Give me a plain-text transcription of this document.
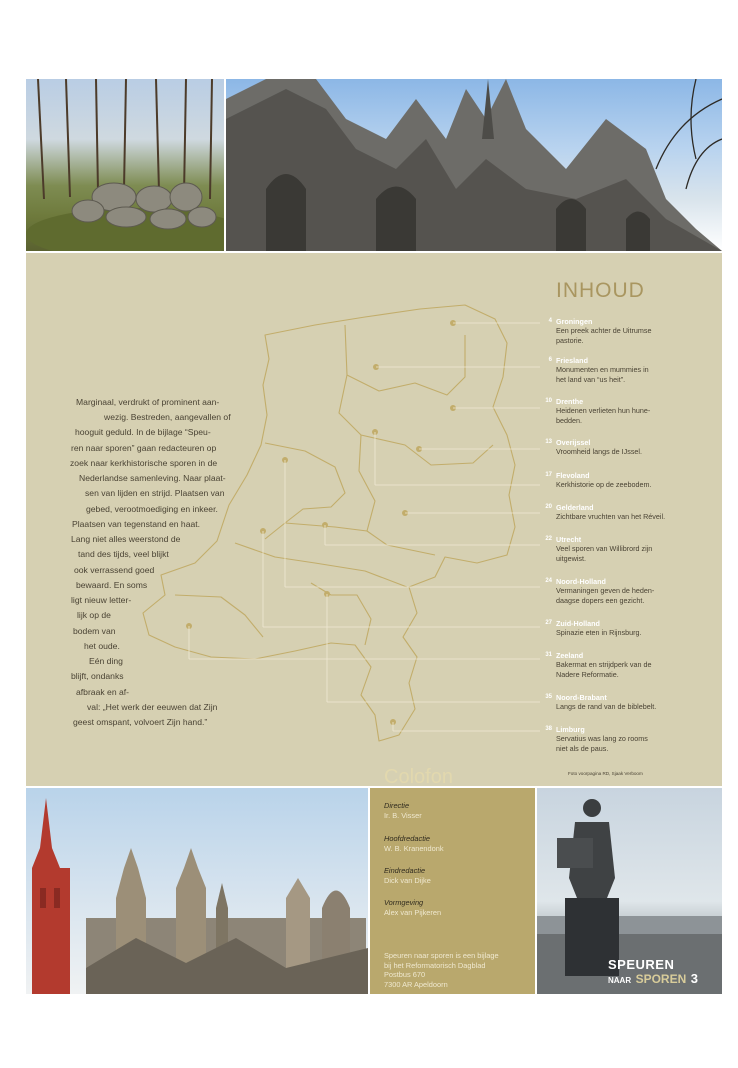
Marginaal, verdrukt of prominent aan-

wezig. Bestreden, aangevallen of

hooguit geduld. In de bijlage “Speu-

ren naar sporen” gaan redacteuren op

zoek naar kerkhistorische sporen in de

Nederlandse samenleving. Naar plaat-

sen van lijden en strijd. Plaatsen van

gebed, verootmoediging en inkeer.

Plaatsen van tegenstand en haat.

Lang niet alles weerstond de

tand des tijds, veel blijkt

ook verrassend goed

bewaard. En soms

ligt nieuw letter-

lijk op de

bodem van

het oude.

Eén ding

blijft, ondanks

afbraak en af-

val: „Het werk der eeuwen dat Zijn

geest omspant, volvoert Zijn hand.”

INHOUD
4 Groningen
Een preek achter de Uitrumse
pastorie.
6 Friesland
Monumenten en mummies in
het land van “us heit”.
10 Drenthe
Heidenen verlieten hun hune-
bedden.
13 Overijssel
Vroomheid langs de IJssel.
17 Flevoland
Kerkhistorie op de zeebodem.
20 Gelderland
Zichtbare vruchten van het Réveil.
22 Utrecht
Veel sporen van Willibrord zijn
uitgewist.
24 Noord-Holland
Vermaningen geven de heden-
daagse dopers een gezicht.
27 Zuid-Holland
Spinazie eten in Rijnsburg.
31 Zeeland
Bakermat en strijdperk van de
Nadere Reformatie.
35 Noord-Brabant
Langs de rand van de biblebelt.
38 Limburg
Servatius was lang zo rooms
niet als de paus.
Foto voorpagina RD, Sjaak Verboom
Colofon
Directie
Ir. B. Visser
Hoofdredactie
W. B. Kranendonk
Eindredactie
Dick van Dijke
Vormgeving
Alex van Pijkeren
Speuren naar sporen is een bijlage
bij het Reformatorisch Dagblad
Postbus 670
7300 AR Apeldoorn
SPEUREN
NAAR SPOREN 3
